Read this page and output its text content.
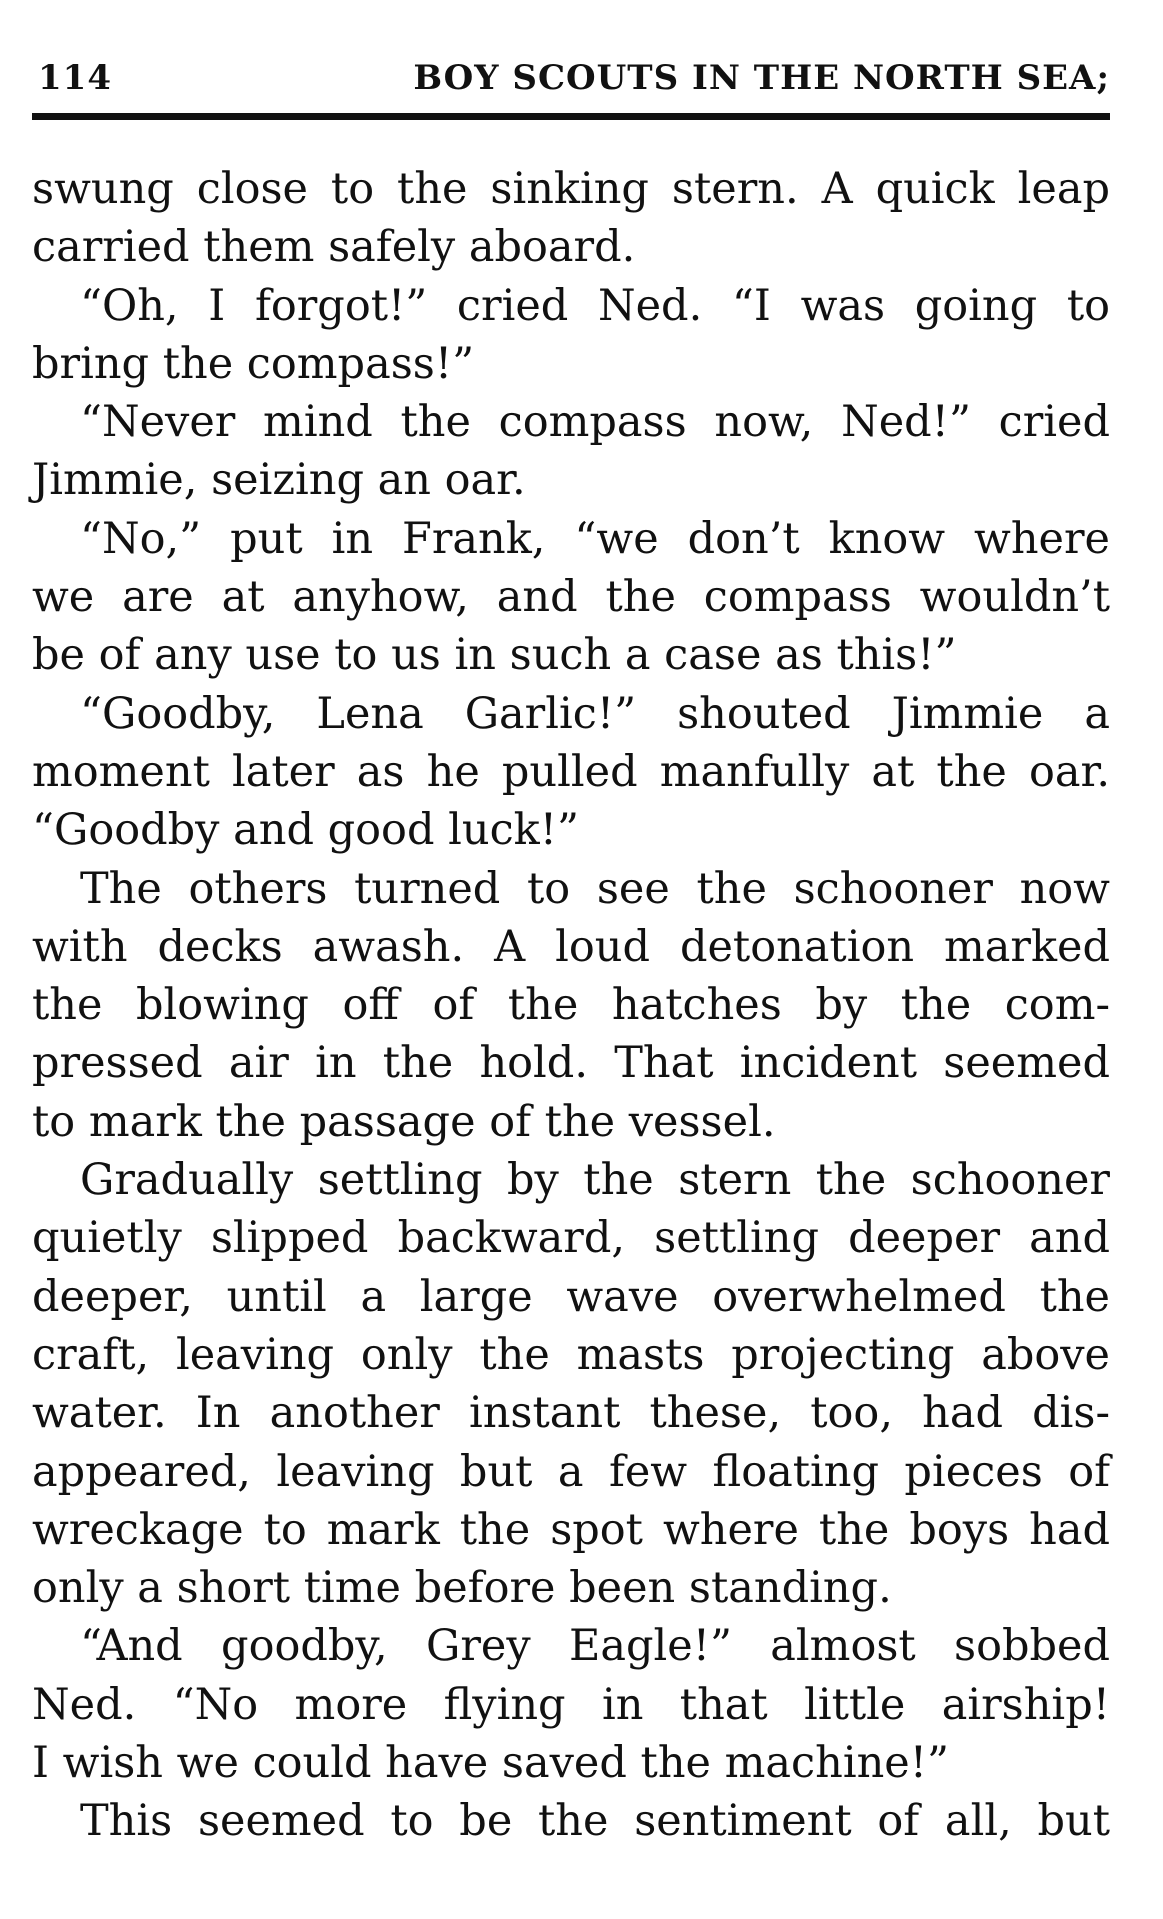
114	BOY SCOUTS IN THE NORTH SEA;
swung close to the sinking stern. A quick leap
carried them safely aboard.
“Oh, I forgot!” cried Ned. “I was going to
bring the compass!”
“Never mind the compass now, Ned!” cried
Jimmie, seizing an oar.
“No,” put in Frank, “we don’t know where
we are at anyhow, and the compass wouldn’t
be of any use to us in such a case as this!”
“Goodby, Lena Garlic!” shouted Jimmie a
moment later as he pulled manfully at the oar.
“Goodby and good luck!”
The others turned to see the schooner now
with decks awash. A loud detonation marked
the blowing off of the hatches by the com-
pressed air in the hold. That incident seemed
to mark the passage of the vessel.
Gradually settling by the stern the schooner
quietly slipped backward, settling deeper and
deeper, until a large wave overwhelmed the
craft, leaving only the masts projecting above
water. In another instant these, too, had dis-
appeared, leaving but a few floating pieces of
wreckage to mark the spot where the boys had
only a short time before been standing.
“And goodby, Grey Eagle!” almost sobbed
Ned. “No more flying in that little airship!
I wish we could have saved the machine!”
This seemed to be the sentiment of all, but
